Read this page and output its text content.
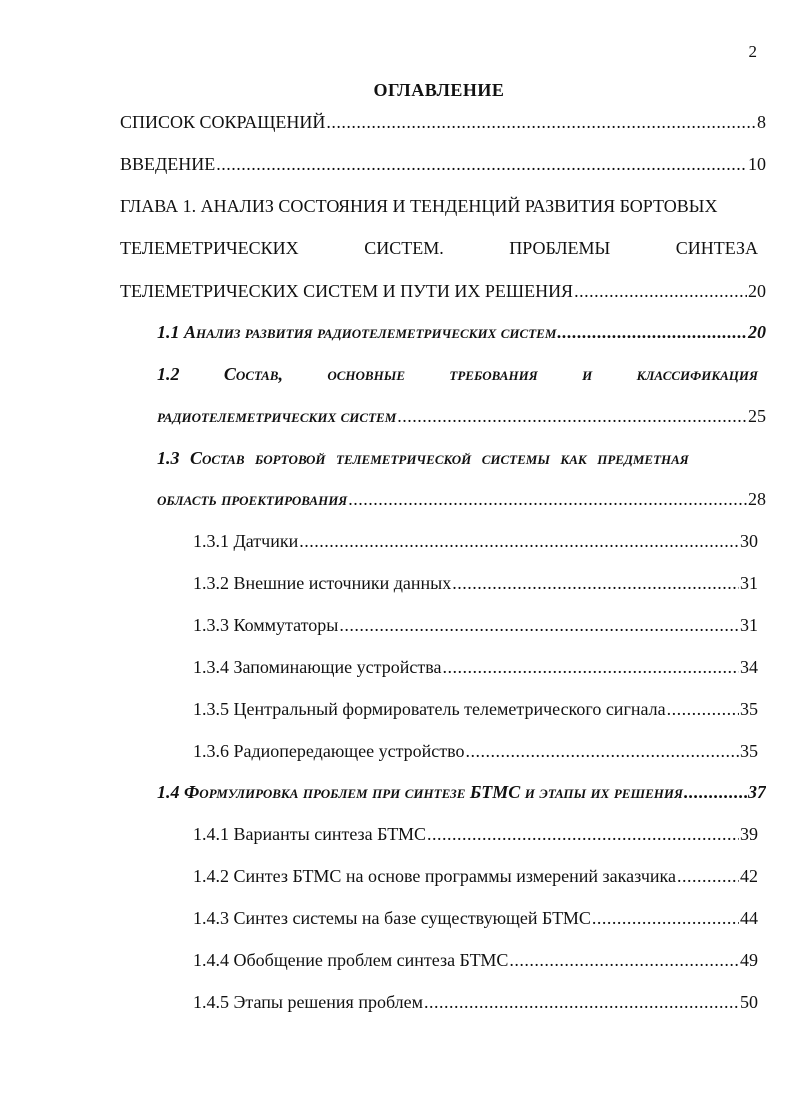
2
ОГЛАВЛЕНИЕ
СПИСОК СОКРАЩЕНИЙ .....	8
ВВЕДЕНИЕ .....	10
ГЛАВА 1. АНАЛИЗ СОСТОЯНИЯ И ТЕНДЕНЦИЙ РАЗВИТИЯ БОРТОВЫХ
ТЕЛЕМЕТРИЧЕСКИХ	СИСТЕМ.	ПРОБЛЕМЫ	СИНТЕЗА
ТЕЛЕМЕТРИЧЕСКИХ СИСТЕМ И ПУТИ ИХ РЕШЕНИЯ .....	20
1.1 Анализ развития радиотелеметрических систем .....	20
1.2 Состав, основные требования и классификация
радиотелеметрических систем .....	25
1.3 Состав бортовой телеметрической системы как предметная
область проектирования .....	28
1.3.1 Датчики .....	30
1.3.2 Внешние источники данных .....	31
1.3.3 Коммутаторы .....	31
1.3.4 Запоминающие устройства .....	34
1.3.5 Центральный формирователь телеметрического сигнала .....	35
1.3.6 Радиопередающее устройство .....	35
1.4 Формулировка проблем при синтезе БТМС и этапы их решения .....	37
1.4.1 Варианты синтеза БТМС .....	39
1.4.2 Синтез БТМС на основе программы измерений заказчика .....	42
1.4.3 Синтез системы на базе существующей БТМС .....	44
1.4.4 Обобщение проблем синтеза БТМС .....	49
1.4.5 Этапы решения проблем .....	50
